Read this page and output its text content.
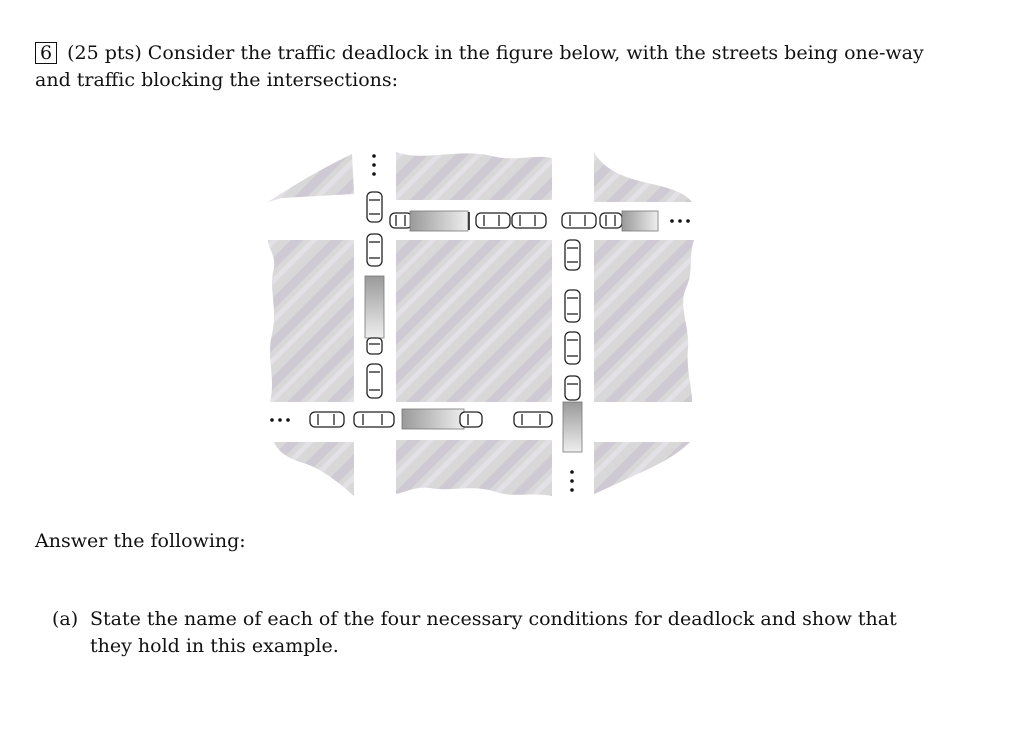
6 (25 pts) Consider the traffic deadlock in the figure below, with the streets being one-way and traffic blocking the intersections:
Answer the following:
(a) State the name of each of the four necessary conditions for deadlock and show that they hold in this example.
